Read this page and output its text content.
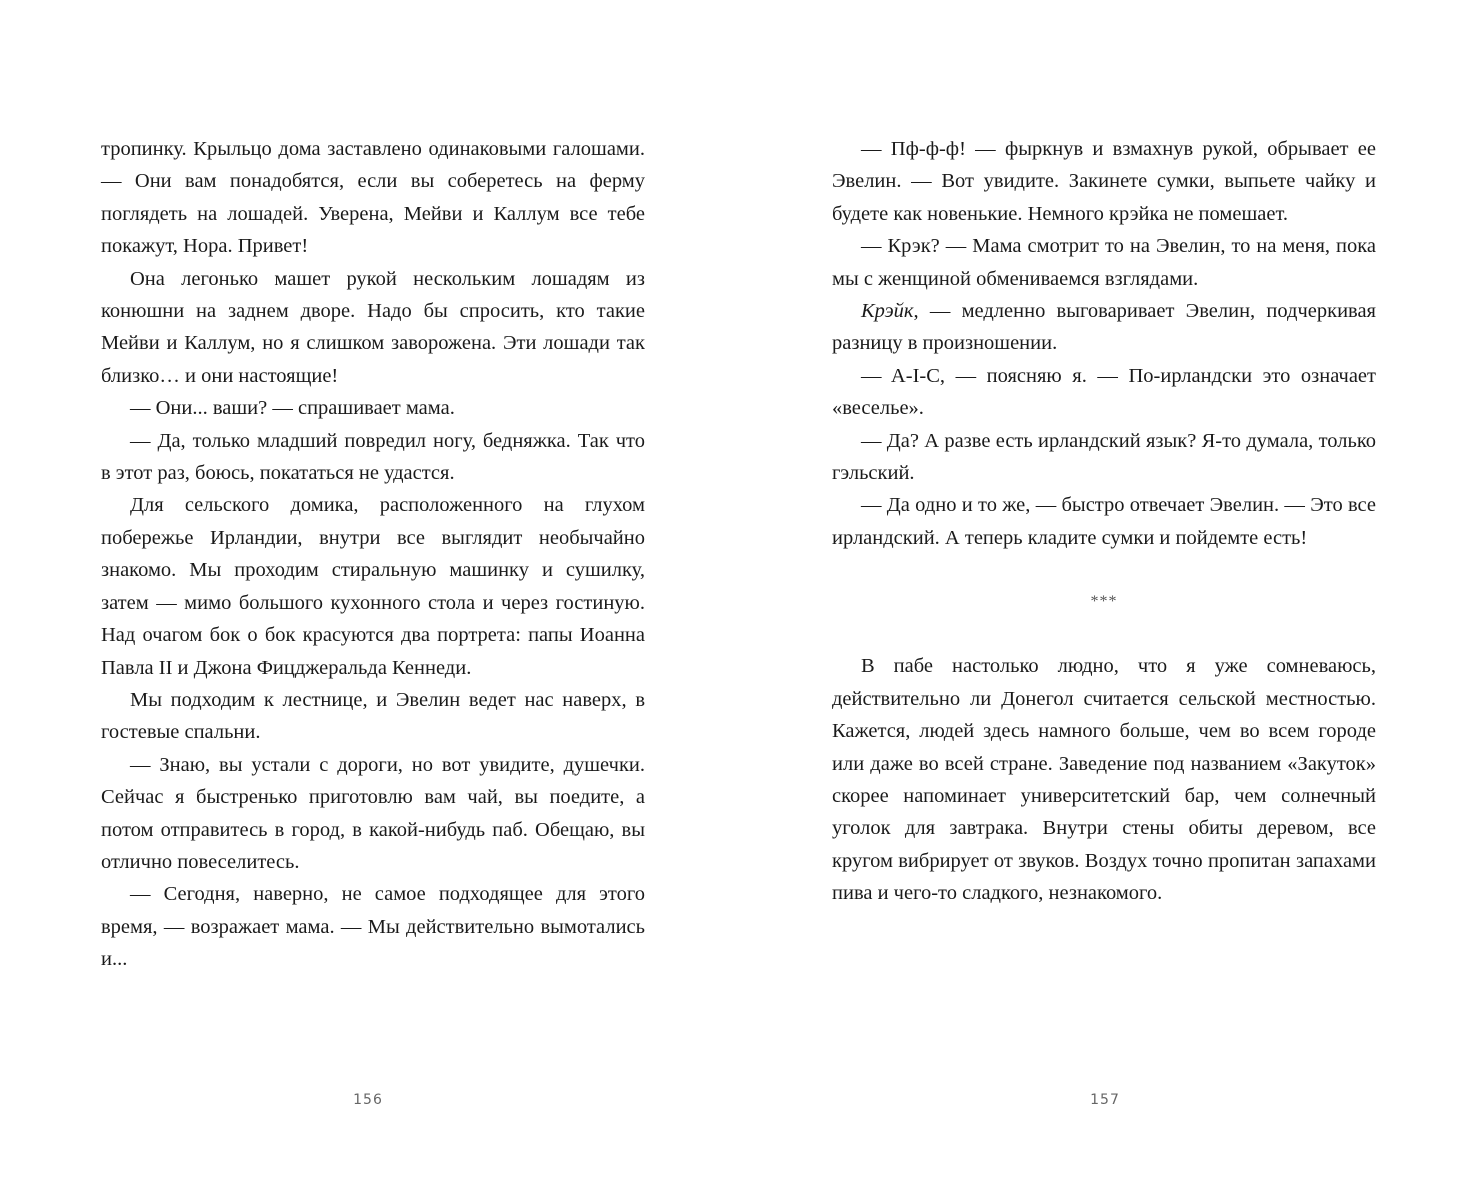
тропинку. Крыльцо дома заставлено одинаковыми галошами. — Они вам понадобятся, если вы соберетесь на ферму поглядеть на лошадей. Уверена, Мейви и Каллум все тебе покажут, Нора. Привет!

Она легонько машет рукой нескольким лошадям из конюшни на заднем дворе. Надо бы спросить, кто такие Мейви и Каллум, но я слишком заворожена. Эти лошади так близко… и они настоящие!

— Они... ваши? — спрашивает мама.

— Да, только младший повредил ногу, бедняжка. Так что в этот раз, боюсь, покататься не удастся.

Для сельского домика, расположенного на глухом побережье Ирландии, внутри все выглядит необычайно знакомо. Мы проходим стиральную машинку и сушилку, затем — мимо большого кухонного стола и через гостиную. Над очагом бок о бок красуются два портрета: папы Иоанна Павла II и Джона Фицджеральда Кеннеди.

Мы подходим к лестнице, и Эвелин ведет нас наверх, в гостевые спальни.

— Знаю, вы устали с дороги, но вот увидите, душечки. Сейчас я быстренько приготовлю вам чай, вы поедите, а потом отправитесь в город, в какой-нибудь паб. Обещаю, вы отлично повеселитесь.

— Сегодня, наверно, не самое подходящее для этого время, — возражает мама. — Мы действительно вымотались и...

156

— Пф-ф-ф! — фыркнув и взмахнув рукой, обрывает ее Эвелин. — Вот увидите. Закинете сумки, выпьете чайку и будете как новенькие. Немного крэйка не помешает.

— Крэк? — Мама смотрит то на Эвелин, то на меня, пока мы с женщиной обмениваемся взглядами.

Крэйк, — медленно выговаривает Эвелин, подчеркивая разницу в произношении.

— A-I-C, — поясняю я. — По-ирландски это означает «веселье».

— Да? А разве есть ирландский язык? Я-то думала, только гэльский.

— Да одно и то же, — быстро отвечает Эвелин. — Это все ирландский. А теперь кладите сумки и пойдемте есть!

***

В пабе настолько людно, что я уже сомневаюсь, действительно ли Донегол считается сельской местностью. Кажется, людей здесь намного больше, чем во всем городе или даже во всей стране. Заведение под названием «Закуток» скорее напоминает университетский бар, чем солнечный уголок для завтрака. Внутри стены обиты деревом, все кругом вибрирует от звуков. Воздух точно пропитан запахами пива и чего-то сладкого, незнакомого.

157
